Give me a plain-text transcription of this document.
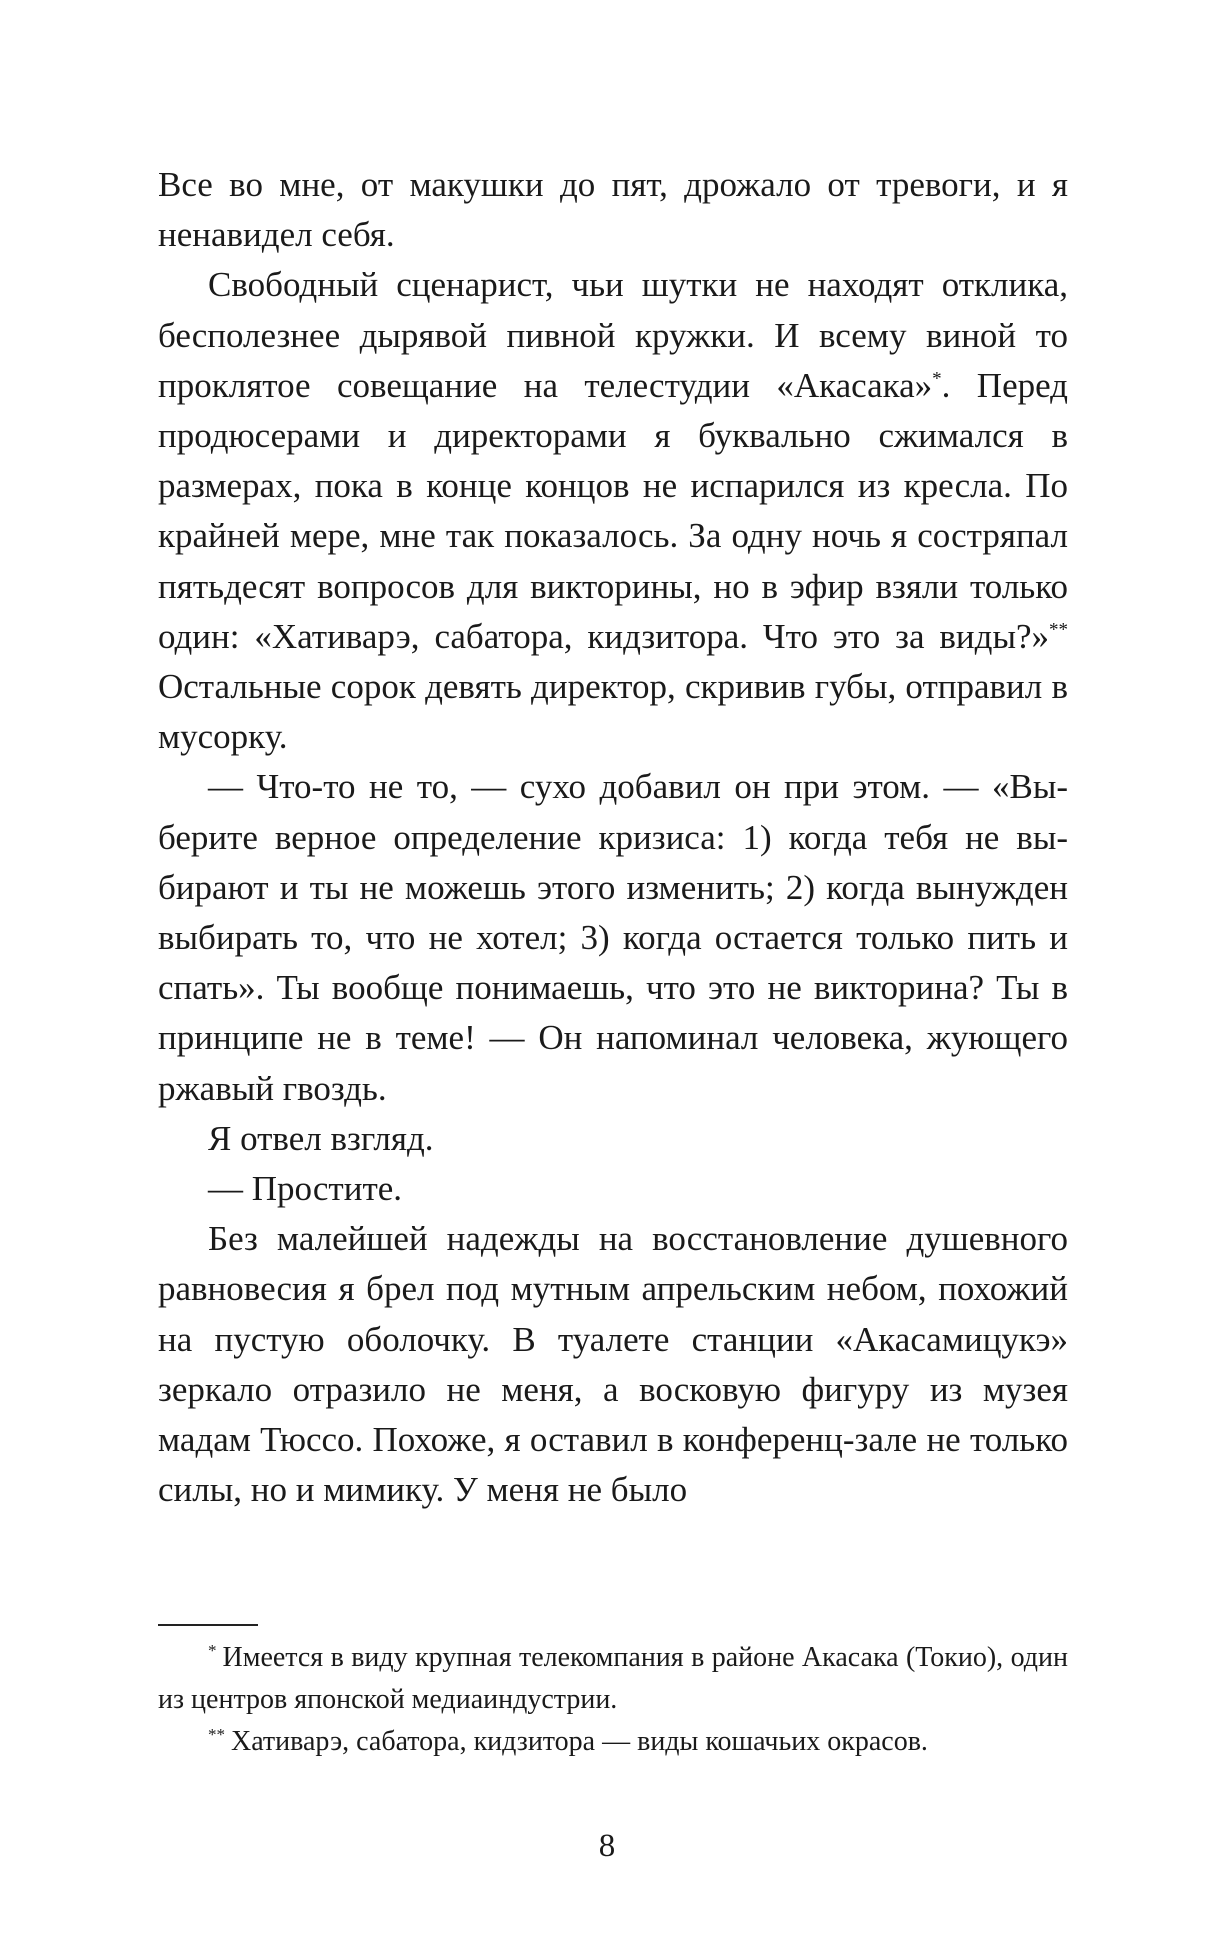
Все во мне, от макушки до пят, дрожало от тревоги, и я ненавидел себя.

Свободный сценарист, чьи шутки не находят отклика, бесполезнее дырявой пивной кружки. И всему виной то проклятое совещание на телестудии «Акасака»*. Перед продюсерами и директорами я буквально сжимался в размерах, пока в конце концов не испарился из кресла. По крайней мере, мне так показалось. За одну ночь я состряпал пятьдесят вопросов для викторины, но в эфир взяли только один: «Хативарэ, сабатора, кидзитора. Что это за виды?»** Остальные сорок девять директор, скривив губы, отправил в мусорку.

— Что-то не то, — сухо добавил он при этом. — «Выберите верное определение кризиса: 1) когда тебя не выбирают и ты не можешь этого изменить; 2) когда вынужден выбирать то, что не хотел; 3) когда остается только пить и спать». Ты вообще понимаешь, что это не викторина? Ты в принципе не в теме! — Он напоминал человека, жующего ржавый гвоздь.

Я отвел взгляд.

— Простите.

Без малейшей надежды на восстановление душевного равновесия я брел под мутным апрельским небом, похожий на пустую оболочку. В туалете станции «Акасамицукэ» зеркало отразило не меня, а восковую фигуру из музея мадам Тюссо. Похоже, я оставил в конференц-зале не только силы, но и мимику. У меня не было

* Имеется в виду крупная телекомпания в районе Акасака (Токио), один из центров японской медиаиндустрии.

** Хативарэ, сабатора, кидзитора — виды кошачьих окрасов.

8
